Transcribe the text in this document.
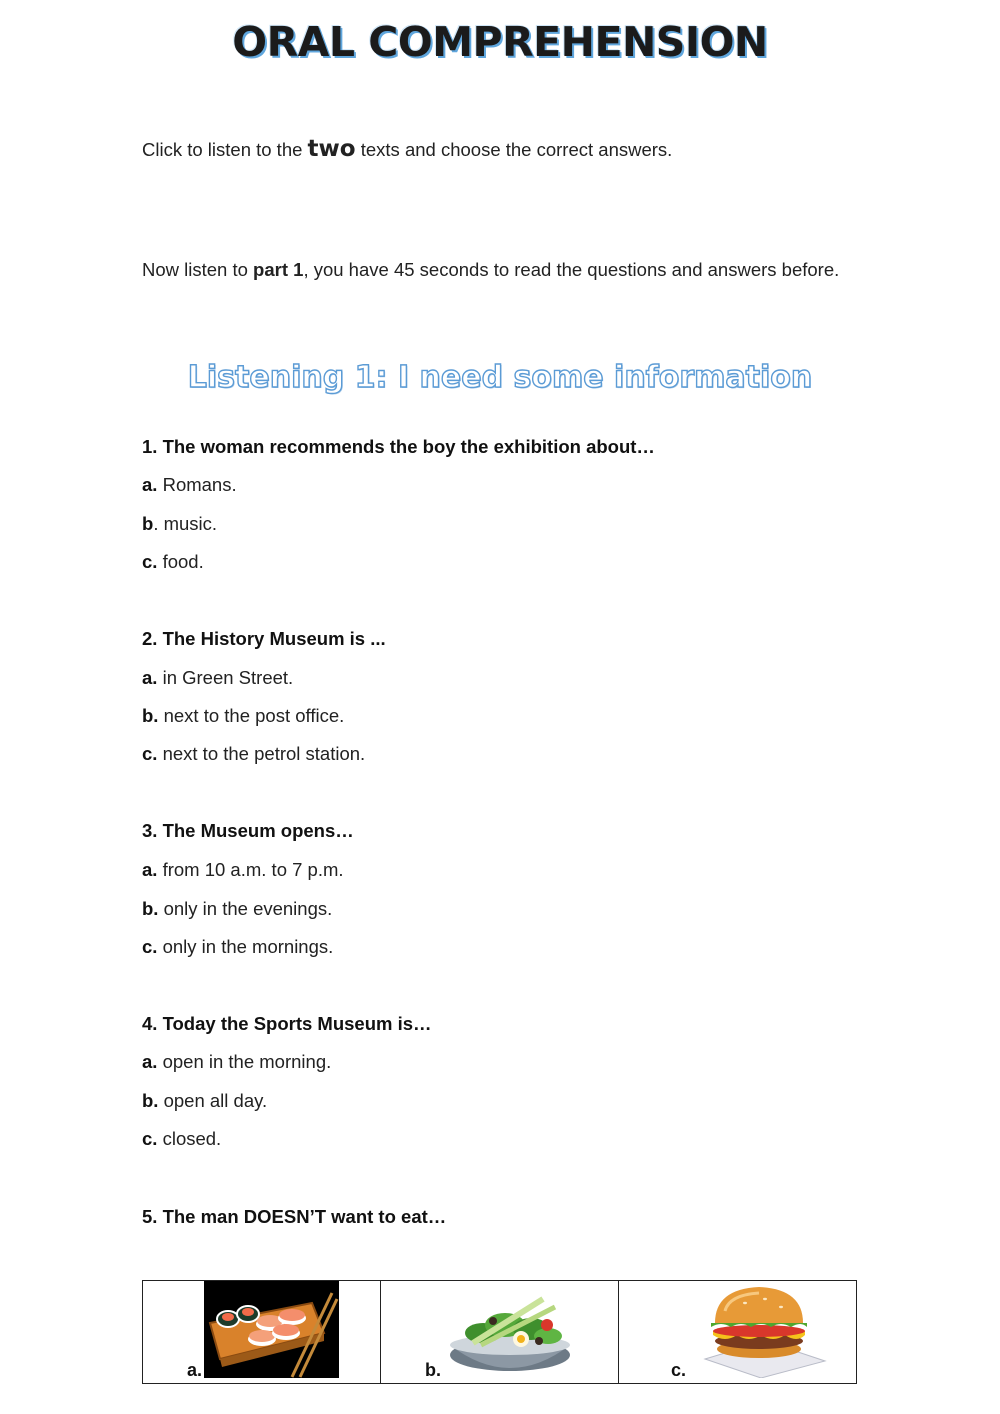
ORAL COMPREHENSION
Click to listen to the two texts and choose the correct answers.
Now listen to part 1, you have 45 seconds to read the questions and answers before.
Listening 1: I need some information
1. The woman recommends the boy the exhibition about…
a. Romans.
b. music.
c. food.
2. The History Museum is ...
a. in Green Street.
b. next to the post office.
c. next to the petrol station.
3. The Museum opens…
a. from 10 a.m. to 7 p.m.
b. only in the evenings.
c. only in the mornings.
4. Today the Sports Museum is…
a. open in the morning.
b. open all day.
c. closed.
5. The man DOESN’T want to eat…
a.	b.	c.
